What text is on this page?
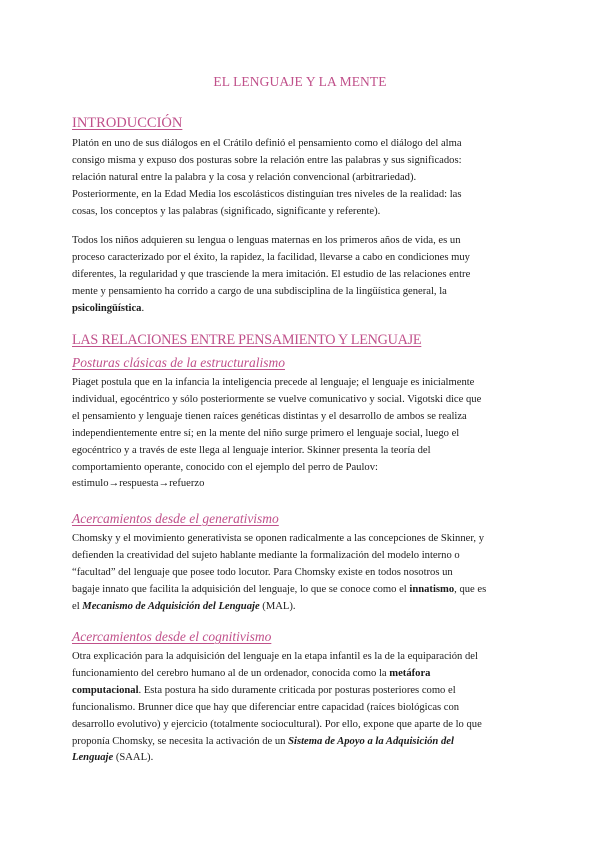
EL LENGUAJE Y LA MENTE
INTRODUCCIÓN
Platón en uno de sus diálogos en el Crátilo definió el pensamiento como el diálogo del alma
consigo misma y expuso dos posturas sobre la relación entre las palabras y sus significados:
relación natural entre la palabra y la cosa y relación convencional (arbitrariedad).
Posteriormente, en la Edad Media los escolásticos distinguían tres niveles de la realidad: las
cosas, los conceptos y las palabras (significado, significante y referente).
Todos los niños adquieren su lengua o lenguas maternas en los primeros años de vida, es un
proceso caracterizado por el éxito, la rapidez, la facilidad, llevarse a cabo en condiciones muy
diferentes, la regularidad y que trasciende la mera imitación. El estudio de las relaciones entre
mente y pensamiento ha corrido a cargo de una subdisciplina de la lingüística general, la
psicolingüística.
LAS RELACIONES ENTRE PENSAMIENTO Y LENGUAJE
Posturas clásicas de la estructuralismo
Piaget postula que en la infancia la inteligencia precede al lenguaje; el lenguaje es inicialmente
individual, egocéntrico y sólo posteriormente se vuelve comunicativo y social. Vigotski dice que
el pensamiento y lenguaje tienen raíces genéticas distintas y el desarrollo de ambos se realiza
independientemente entre sí; en la mente del niño surge primero el lenguaje social, luego el
egocéntrico y a través de este llega al lenguaje interior. Skinner presenta la teoría del
comportamiento operante, conocido con el ejemplo del perro de Paulov:
estimulo→respuesta→refuerzo
Acercamientos desde el generativismo
Chomsky y el movimiento generativista se oponen radicalmente a las concepciones de Skinner, y
defienden la creatividad del sujeto hablante mediante la formalización del modelo interno o
“facultad” del lenguaje que posee todo locutor. Para Chomsky existe en todos nosotros un
bagaje innato que facilita la adquisición del lenguaje, lo que se conoce como el innatismo, que es
el Mecanismo de Adquisición del Lenguaje (MAL).
Acercamientos desde el cognitivismo
Otra explicación para la adquisición del lenguaje en la etapa infantil es la de la equiparación del
funcionamiento del cerebro humano al de un ordenador, conocida como la metáfora
computacional. Esta postura ha sido duramente criticada por posturas posteriores como el
funcionalismo. Brunner dice que hay que diferenciar entre capacidad (raíces biológicas con
desarrollo evolutivo) y ejercicio (totalmente sociocultural). Por ello, expone que aparte de lo que
proponía Chomsky, se necesita la activación de un Sistema de Apoyo a la Adquisición del
Lenguaje (SAAL).
